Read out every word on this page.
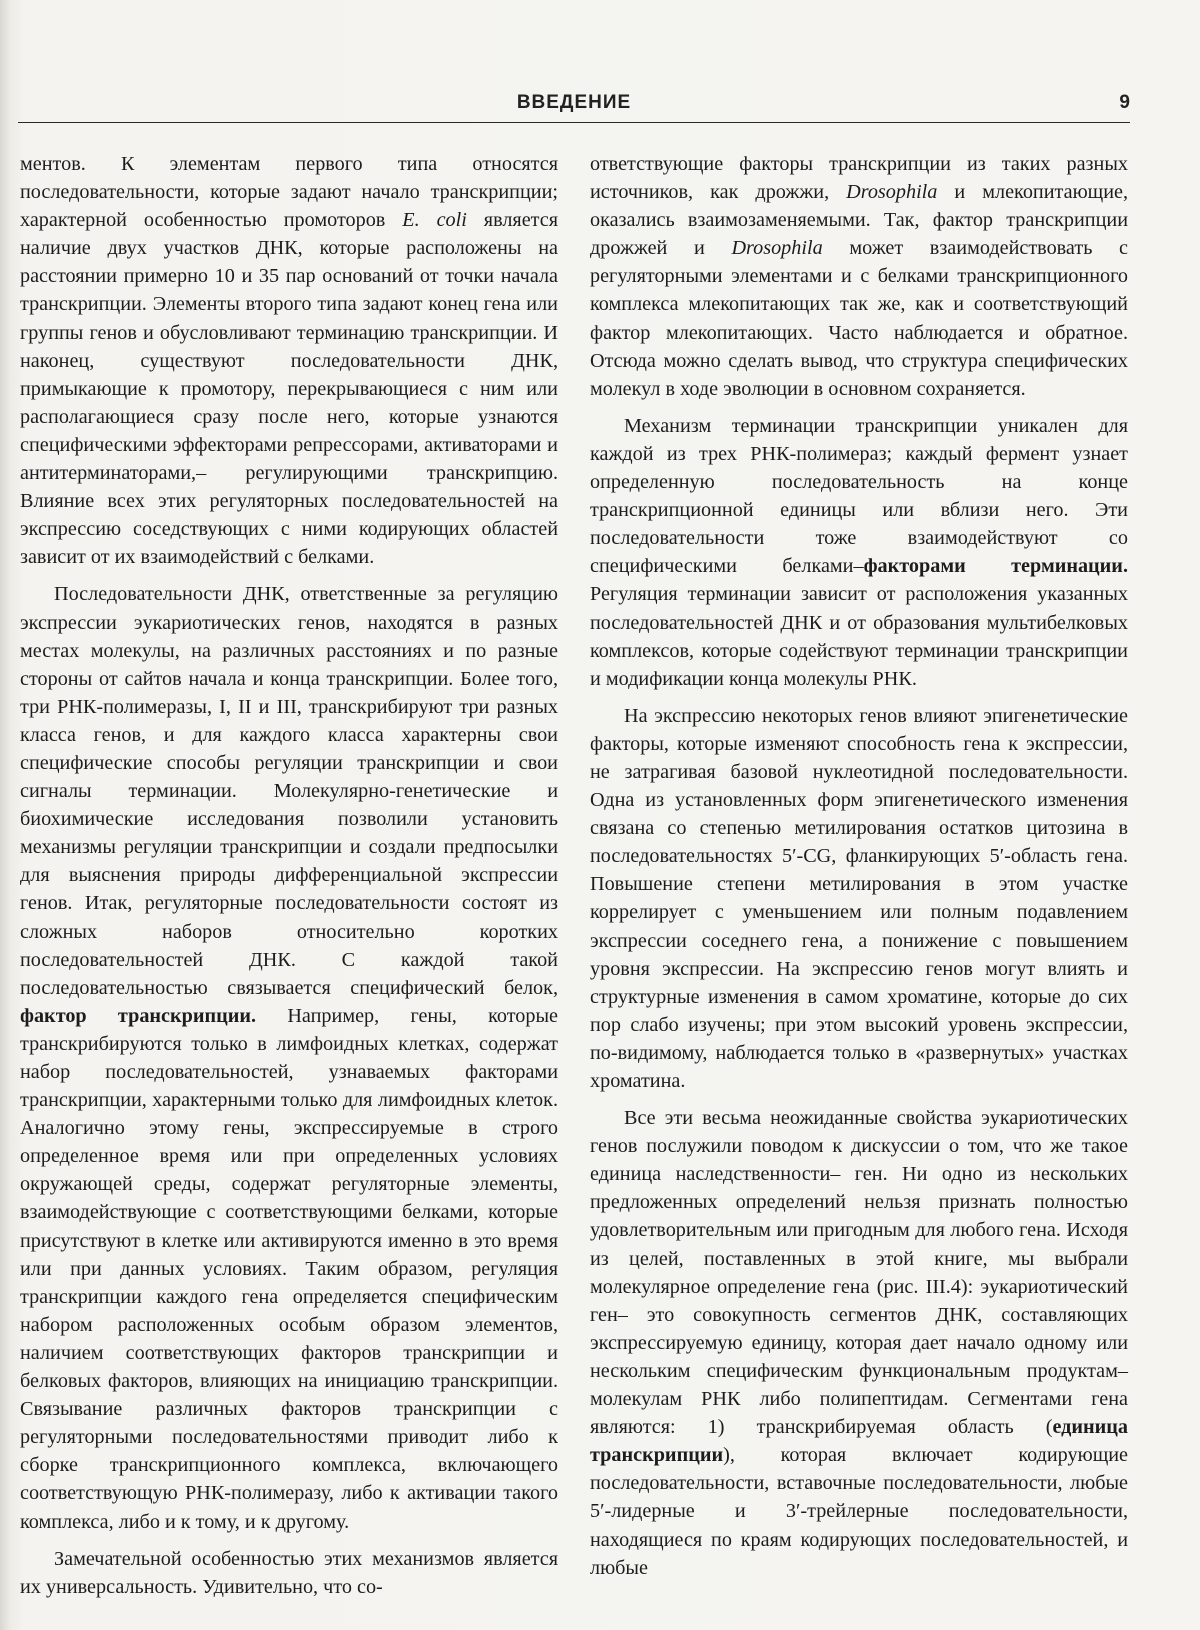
ВВЕДЕНИЕ	9

ментов. К элементам первого типа относятся последовательности, которые задают начало транскрипции; характерной особенностью промоторов E. coli является наличие двух участков ДНК, которые расположены на расстоянии примерно 10 и 35 пар оснований от точки начала транскрипции. Элементы второго типа задают конец гена или группы генов и обусловливают терминацию транскрипции. И наконец, существуют последовательности ДНК, примыкающие к промотору, перекрывающиеся с ним или располагающиеся сразу после него, которые узнаются специфическими эффекторами репрессорами, активаторами и антитерминаторами,– регулирующими транскрипцию. Влияние всех этих регуляторных последовательностей на экспрессию соседствующих с ними кодирующих областей зависит от их взаимодействий с белками.

Последовательности ДНК, ответственные за регуляцию экспрессии эукариотических генов, находятся в разных местах молекулы, на различных расстояниях и по разные стороны от сайтов начала и конца транскрипции. Более того, три РНК-полимеразы, I, II и III, транскрибируют три разных класса генов, и для каждого класса характерны свои специфические способы регуляции транскрипции и свои сигналы терминации. Молекулярно-генетические и биохимические исследования позволили установить механизмы регуляции транскрипции и создали предпосылки для выяснения природы дифференциальной экспрессии генов. Итак, регуляторные последовательности состоят из сложных наборов относительно коротких последовательностей ДНК. С каждой такой последовательностью связывается специфический белок, фактор транскрипции. Например, гены, которые транскрибируются только в лимфоидных клетках, содержат набор последовательностей, узнаваемых факторами транскрипции, характерными только для лимфоидных клеток. Аналогично этому гены, экспрессируемые в строго определенное время или при определенных условиях окружающей среды, содержат регуляторные элементы, взаимодействующие с соответствующими белками, которые присутствуют в клетке или активируются именно в это время или при данных условиях. Таким образом, регуляция транскрипции каждого гена определяется специфическим набором расположенных особым образом элементов, наличием соответствующих факторов транскрипции и белковых факторов, влияющих на инициацию транскрипции. Связывание различных факторов транскрипции с регуляторными последовательностями приводит либо к сборке транскрипционного комплекса, включающего соответствующую РНК-полимеразу, либо к активации такого комплекса, либо и к тому, и к другому.

Замечательной особенностью этих механизмов является их универсальность. Удивительно, что со-

ответствующие факторы транскрипции из таких разных источников, как дрожжи, Drosophila и млекопитающие, оказались взаимозаменяемыми. Так, фактор транскрипции дрожжей и Drosophila может взаимодействовать с регуляторными элементами и с белками транскрипционного комплекса млекопитающих так же, как и соответствующий фактор млекопитающих. Часто наблюдается и обратное. Отсюда можно сделать вывод, что структура специфических молекул в ходе эволюции в основном сохраняется.

Механизм терминации транскрипции уникален для каждой из трех РНК-полимераз; каждый фермент узнает определенную последовательность на конце транскрипционной единицы или вблизи него. Эти последовательности тоже взаимодействуют со специфическими белками–факторами терминации. Регуляция терминации зависит от расположения указанных последовательностей ДНК и от образования мультибелковых комплексов, которые содействуют терминации транскрипции и модификации конца молекулы РНК.

На экспрессию некоторых генов влияют эпигенетические факторы, которые изменяют способность гена к экспрессии, не затрагивая базовой нуклеотидной последовательности. Одна из установленных форм эпигенетического изменения связана со степенью метилирования остатков цитозина в последовательностях 5′-CG, фланкирующих 5′-область гена. Повышение степени метилирования в этом участке коррелирует с уменьшением или полным подавлением экспрессии соседнего гена, а понижение с повышением уровня экспрессии. На экспрессию генов могут влиять и структурные изменения в самом хроматине, которые до сих пор слабо изучены; при этом высокий уровень экспрессии, по-видимому, наблюдается только в «развернутых» участках хроматина.

Все эти весьма неожиданные свойства эукариотических генов послужили поводом к дискуссии о том, что же такое единица наследственности– ген. Ни одно из нескольких предложенных определений нельзя признать полностью удовлетворительным или пригодным для любого гена. Исходя из целей, поставленных в этой книге, мы выбрали молекулярное определение гена (рис. III.4): эукариотический ген– это совокупность сегментов ДНК, составляющих экспрессируемую единицу, которая дает начало одному или нескольким специфическим функциональным продуктам– молекулам РНК либо полипептидам. Сегментами гена являются: 1) транскрибируемая область (единица транскрипции), которая включает кодирующие последовательности, вставочные последовательности, любые 5′-лидерные и 3′-трейлерные последовательности, находящиеся по краям кодирующих последовательностей, и любые
